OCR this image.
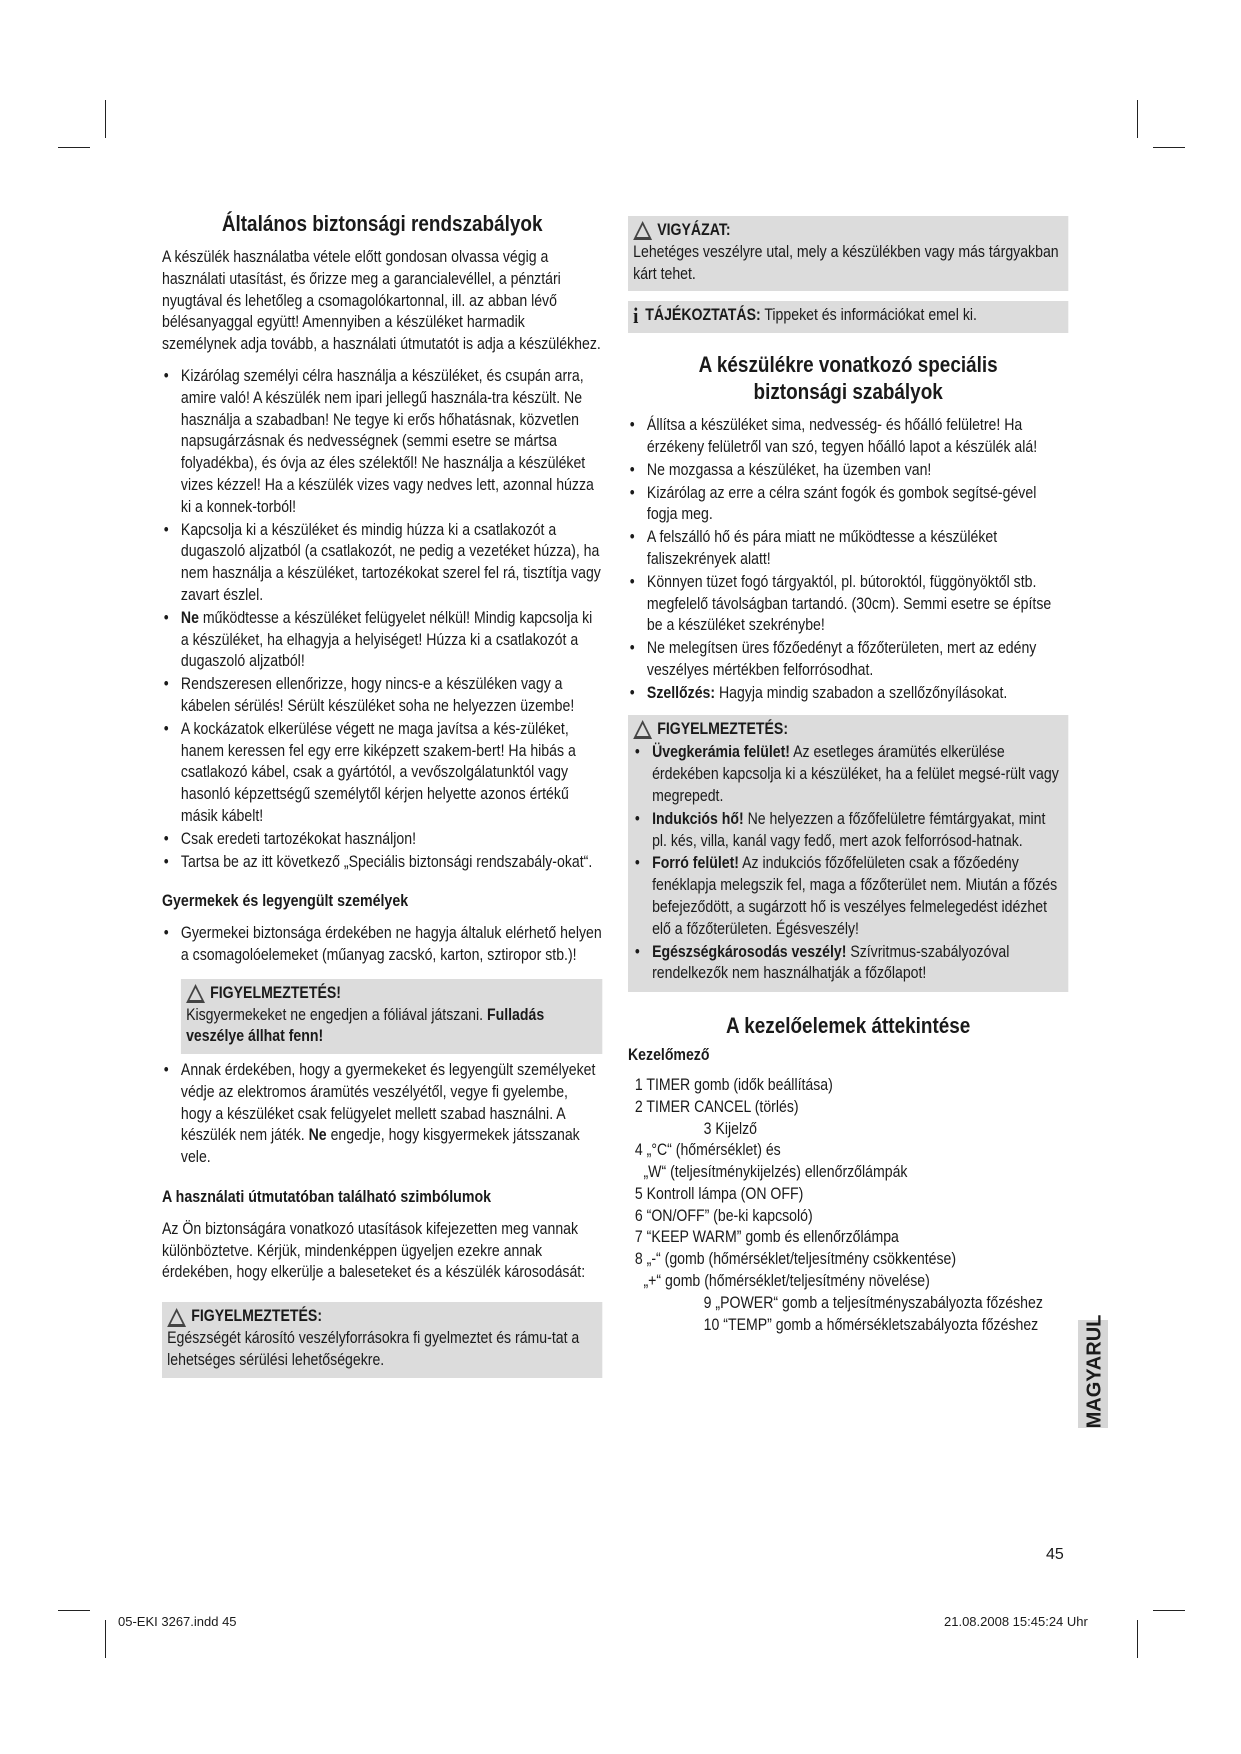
Általános biztonsági rendszabályok

A készülék használatba vétele előtt gondosan olvassa végig a használati utasítást, és őrizze meg a garancialevéllel, a pénztári nyugtával és lehetőleg a csomagolókartonnal, ill. az abban lévő bélésanyaggal együtt! Amennyiben a készüléket harmadik személynek adja tovább, a használati útmutatót is adja a készülékhez.

• Kizárólag személyi célra használja a készüléket, és csupán arra, amire való! A készülék nem ipari jellegű használa-tra készült. Ne használja a szabadban! Ne tegye ki erős hőhatásnak, közvetlen napsugárzásnak és nedvességnek (semmi esetre se mártsa folyadékba), és óvja az éles szélektől! Ne használja a készüléket vizes kézzel! Ha a készülék vizes vagy nedves lett, azonnal húzza ki a konnek-torból!
• Kapcsolja ki a készüléket és mindig húzza ki a csatlakozót a dugaszoló aljzatból (a csatlakozót, ne pedig a vezetéket húzza), ha nem használja a készüléket, tartozékokat szerel fel rá, tisztítja vagy zavart észlel.
• Ne működtesse a készüléket felügyelet nélkül! Mindig kapcsolja ki a készüléket, ha elhagyja a helyiséget! Húzza ki a csatlakozót a dugaszoló aljzatból!
• Rendszeresen ellenőrizze, hogy nincs-e a készüléken vagy a kábelen sérülés! Sérült készüléket soha ne helyezzen üzembe!
• A kockázatok elkerülése végett ne maga javítsa a kés-züléket, hanem keressen fel egy erre kiképzett szakem-bert! Ha hibás a csatlakozó kábel, csak a gyártótól, a vevőszolgálatunktól vagy hasonló képzettségű személytől kérjen helyette azonos értékű másik kábelt!
• Csak eredeti tartozékokat használjon!
• Tartsa be az itt következő „Speciális biztonsági rendszabály-okat“.
Gyermekek és legyengült személyek
• Gyermekei biztonsága érdekében ne hagyja általuk elérhető helyen a csomagolóelemeket (műanyag zacskó, karton, sztiropor stb.)!
FIGYELMEZTETÉS!

Kisgyermekeket ne engedjen a fóliával játszani. Fulladás veszélye állhat fenn!

• Annak érdekében, hogy a gyermekeket és legyengült személyeket védje az elektromos áramütés veszélyétől, vegye fi gyelembe, hogy a készüléket csak felügyelet mellett szabad használni. A készülék nem játék. Ne engedje, hogy kisgyermekek játsszanak vele.
A használati útmutatóban található szimbólumok

Az Ön biztonságára vonatkozó utasítások kifejezetten meg vannak különböztetve. Kérjük, mindenképpen ügyeljen ezekre annak érdekében, hogy elkerülje a baleseteket és a készülék károsodását:

FIGYELMEZTETÉS:

Egészségét károsító veszélyforrásokra fi gyelmeztet és rámu-tat a lehetséges sérülési lehetőségekre.

VIGYÁZAT:

Lehetéges veszélyre utal, mely a készülékben vagy más tárgyakban kárt tehet.

i TÁJÉKOZTATÁS: Tippeket és információkat emel ki.
A készülékre vonatkozó speciális
biztonsági szabályok
• Állítsa a készüléket sima, nedvesség- és hőálló felületre! Ha érzékeny felületről van szó, tegyen hőálló lapot a készülék alá!
• Ne mozgassa a készüléket, ha üzemben van!
• Kizárólag az erre a célra szánt fogók és gombok segítsé-gével fogja meg.
• A felszálló hő és pára miatt ne működtesse a készüléket faliszekrények alatt!
• Könnyen tüzet fogó tárgyaktól, pl. bútoroktól, függönyöktől stb. megfelelő távolságban tartandó. (30cm). Semmi esetre se építse be a készüléket szekrénybe!
• Ne melegítsen üres főzőedényt a főzőterületen, mert az edény veszélyes mértékben felforrósodhat.
• Szellőzés: Hagyja mindig szabadon a szellőzőnyílásokat.
FIGYELMEZTETÉS:
• Üvegkerámia felület! Az esetleges áramütés elkerülése érdekében kapcsolja ki a készüléket, ha a felület megsé-rült vagy megrepedt.
• Indukciós hő! Ne helyezzen a főzőfelületre fémtárgyakat, mint pl. kés, villa, kanál vagy fedő, mert azok felforrósod-hatnak.
• Forró felület! Az indukciós főzőfelületen csak a főzőedény fenéklapja melegszik fel, maga a főzőterület nem. Miután a főzés befejeződött, a sugárzott hő is veszélyes felmelegedést idézhet elő a főzőterületen. Égésveszély!
• Egészségkárosodás veszély! Szívritmus-szabályozóval rendelkezők nem használhatják a főzőlapot!
A kezelőelemek áttekintése
Kezelőmező
1 TIMER gomb (idők beállítása)
2 TIMER CANCEL (törlés)
3 Kijelző
4 „°C“ (hőmérséklet) és
„W“ (teljesítménykijelzés) ellenőrzőlámpák
5 Kontroll lámpa (ON OFF)
6 “ON/OFF” (be-ki kapcsoló)
7 “KEEP WARM” gomb és ellenőrzőlámpa
8 „-“ (gomb (hőmérséklet/teljesítmény csökkentése)
„+“ gomb (hőmérséklet/teljesítmény növelése)
9 „POWER“ gomb a teljesítményszabályozta főzéshez
10 “TEMP” gomb a hőmérsékletszabályozta főzéshez	MAGYARUL
45
05-EKI 3267.indd 45	21.08.2008 15:45:24 Uhr
